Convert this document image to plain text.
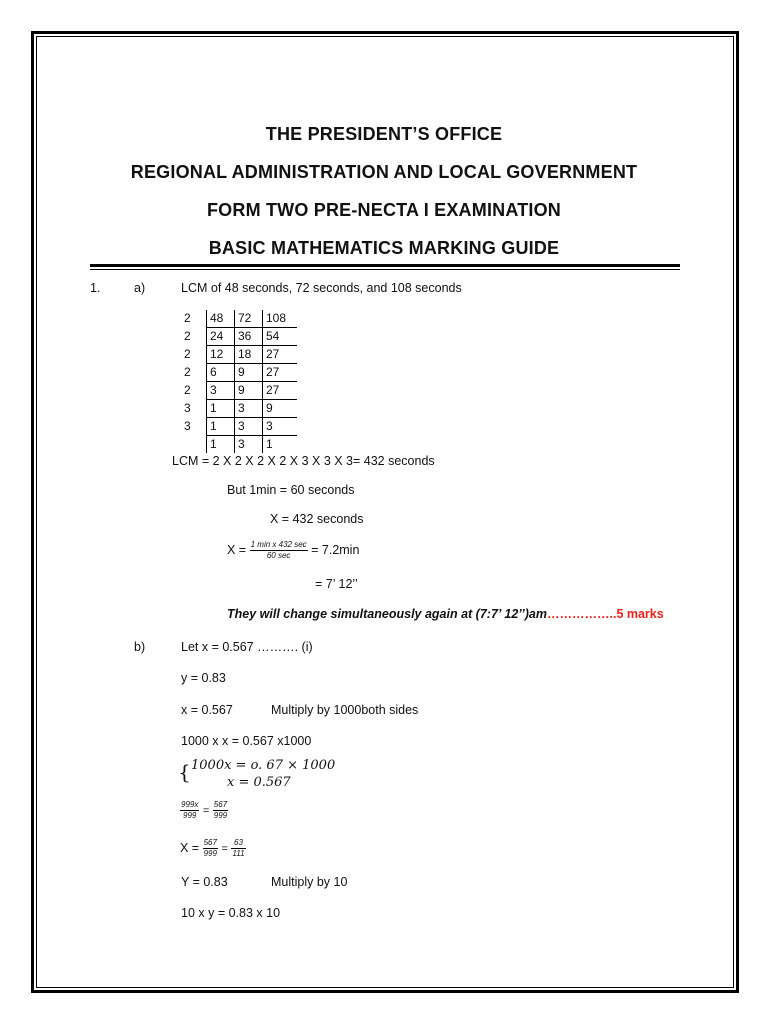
THE PRESIDENT’S OFFICE
REGIONAL ADMINISTRATION AND LOCAL GOVERNMENT
FORM TWO PRE-NECTA I EXAMINATION
BASIC MATHEMATICS MARKING GUIDE
1.	a)	LCM of 48 seconds, 72 seconds, and 108 seconds
2	48	72	108
2	24	36	54
2	12	18	27
2	6	9	27
2	3	9	27
3	1	3	9
3	1	3	3
	1	3	1
LCM = 2 X 2 X 2 X 2 X 3 X 3 X 3= 432 seconds
But 1min = 60 seconds
X = 432 seconds
$X = \frac{\text{1 min x 432 sec}}{60 \sec} = 7.2\min$
= 7’ 12’’
They will change simultaneously again at (7:7’ 12’’)am ……………..5 marks
b)	Let x = 0.567 ………. (i)
y = 0.83
x = 0.567	Multiply by 1000both sides
1000 x x = 0.567 x1000
{ 1000x = o. 67 × 1000
x = 0.567
$\frac{999x}{999} = \frac{567}{999}$
$X = \frac{567}{999} = \frac{63}{111}$
Y = 0.83	Multiply by 10
10 x y = 0.83 x 10
